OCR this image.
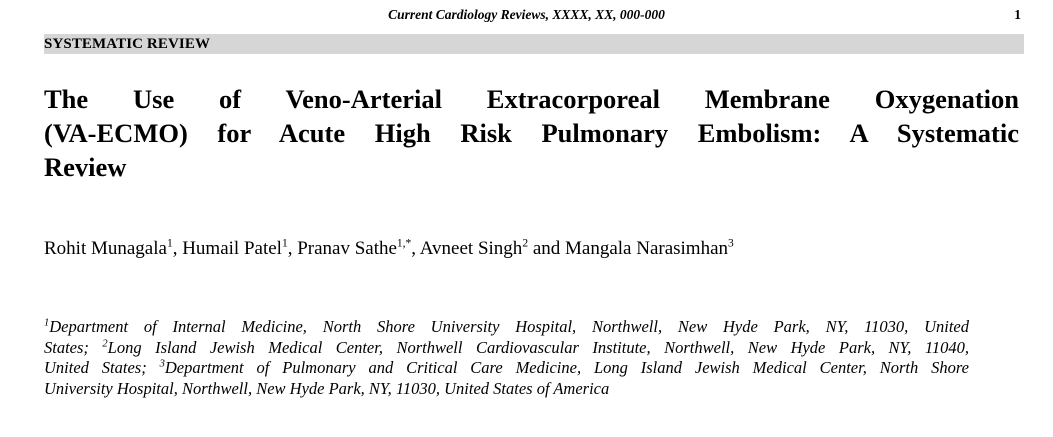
Current Cardiology Reviews, XXXX, XX, 000-000	1
SYSTEMATIC REVIEW
The Use of Veno-Arterial Extracorporeal Membrane Oxygenation
(VA-ECMO) for Acute High Risk Pulmonary Embolism: A Systematic
Review
Rohit Munagala$^1$, Humail Patel$^1$, Pranav Sathe$^{1,*}$, Avneet Singh$^2$ and Mangala Narasimhan$^3$
$^1$Department of Internal Medicine, North Shore University Hospital, Northwell, New Hyde Park, NY, 11030, United
States; $^2$Long Island Jewish Medical Center, Northwell Cardiovascular Institute, Northwell, New Hyde Park, NY, 11040,
United States; $^3$Department of Pulmonary and Critical Care Medicine, Long Island Jewish Medical Center, North Shore
University Hospital, Northwell, New Hyde Park, NY, 11030, United States of America
